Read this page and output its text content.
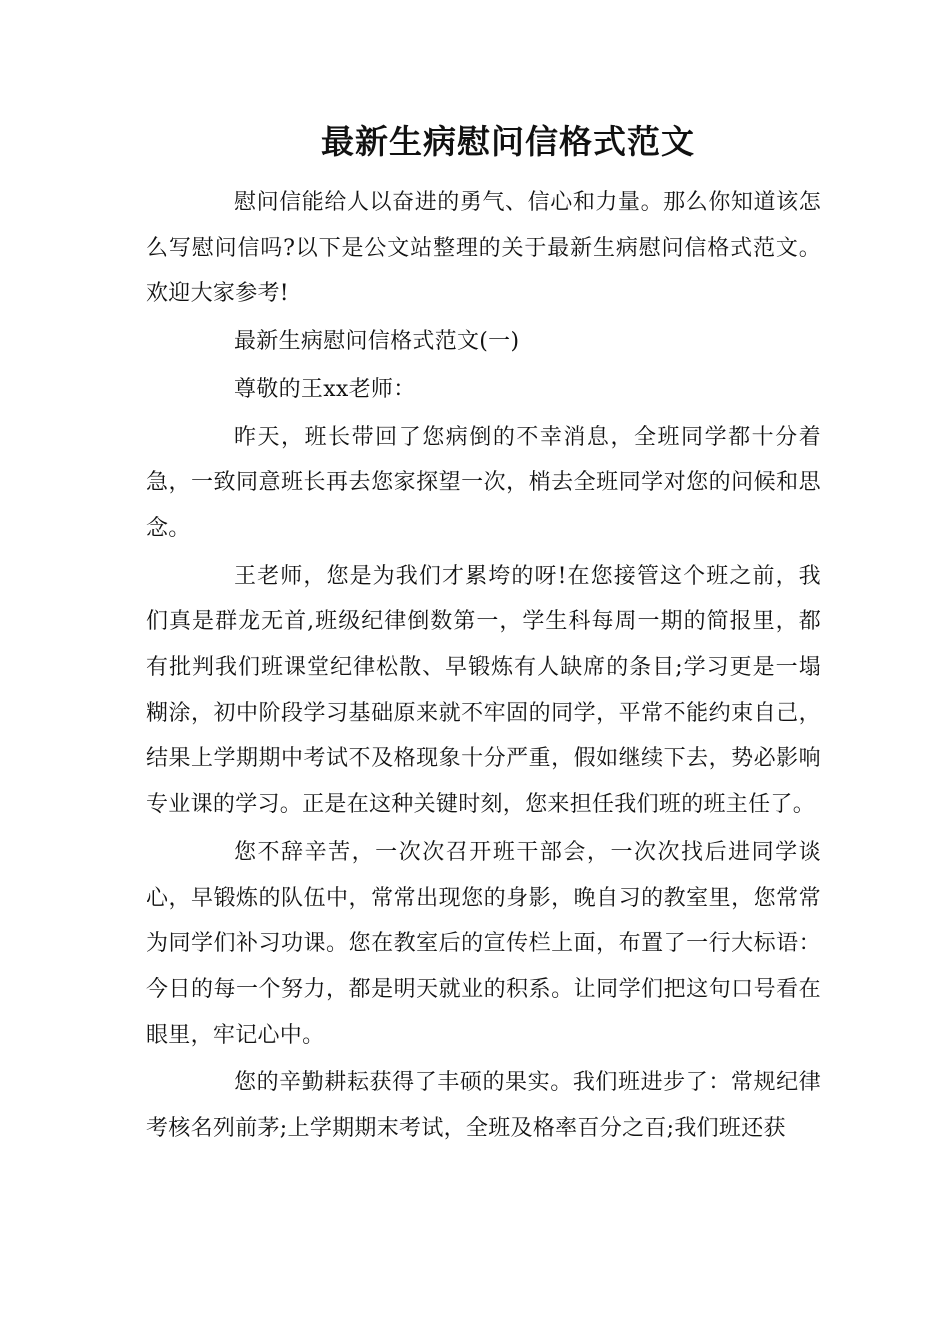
最新生病慰问信格式范文

慰问信能给人以奋进的勇气、信心和力量。那么你知道该怎么写慰问信吗?以下是公文站整理的关于最新生病慰问信格式范文。欢迎大家参考!

最新生病慰问信格式范文(一)

尊敬的王xx老师：

昨天，班长带回了您病倒的不幸消息，全班同学都十分着急，一致同意班长再去您家探望一次，梢去全班同学对您的问候和思念。

王老师，您是为我们才累垮的呀!在您接管这个班之前，我们真是群龙无首,班级纪律倒数第一，学生科每周一期的简报里，都有批判我们班课堂纪律松散、早锻炼有人缺席的条目;学习更是一塌糊涂，初中阶段学习基础原来就不牢固的同学，平常不能约束自己，结果上学期期中考试不及格现象十分严重，假如继续下去，势必影响专业课的学习。正是在这种关键时刻，您来担任我们班的班主任了。

您不辞辛苦，一次次召开班干部会，一次次找后进同学谈心，早锻炼的队伍中，常常出现您的身影，晚自习的教室里，您常常为同学们补习功课。您在教室后的宣传栏上面，布置了一行大标语：今日的每一个努力，都是明天就业的积系。让同学们把这句口号看在眼里，牢记心中。

您的辛勤耕耘获得了丰硕的果实。我们班进步了：常规纪律考核名列前茅;上学期期末考试，全班及格率百分之百;我们班还获
